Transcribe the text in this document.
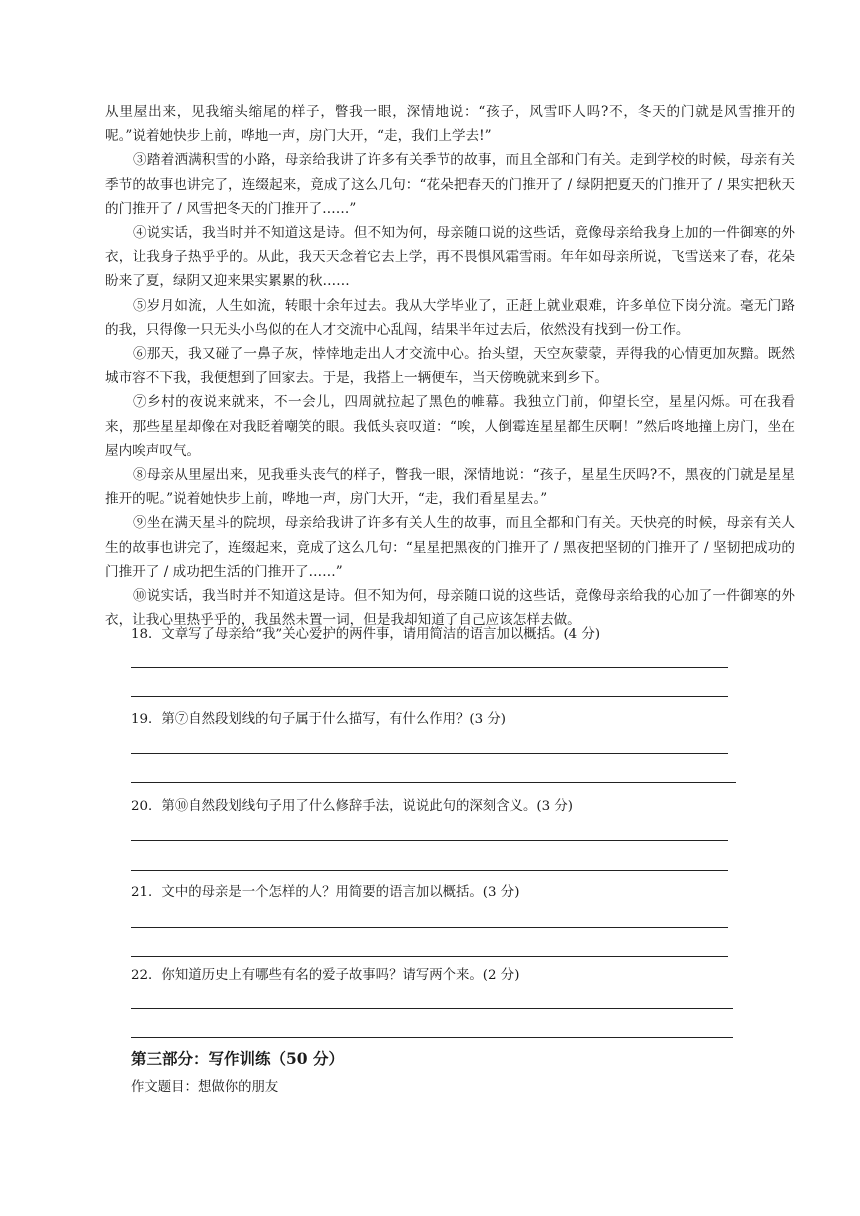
从里屋出来，见我缩头缩尾的样子，瞥我一眼，深情地说：“孩子，风雪吓人吗?不，冬天的门就是风雪推开的呢。”说着她快步上前，哗地一声，房门大开，“走，我们上学去!”

③踏着洒满积雪的小路，母亲给我讲了许多有关季节的故事，而且全部和门有关。走到学校的时候，母亲有关季节的故事也讲完了，连缀起来，竟成了这么几句：“花朵把春天的门推开了 / 绿阴把夏天的门推开了 / 果实把秋天的门推开了 / 风雪把冬天的门推开了……”

④说实话，我当时并不知道这是诗。但不知为何，母亲随口说的这些话，竟像母亲给我身上加的一件御寒的外衣，让我身子热乎乎的。从此，我天天念着它去上学，再不畏惧风霜雪雨。年年如母亲所说，飞雪送来了春，花朵盼来了夏，绿阴又迎来果实累累的秋……

⑤岁月如流，人生如流，转眼十余年过去。我从大学毕业了，正赶上就业艰难，许多单位下岗分流。毫无门路的我，只得像一只无头小鸟似的在人才交流中心乱闯，结果半年过去后，依然没有找到一份工作。

⑥那天，我又碰了一鼻子灰，悻悻地走出人才交流中心。抬头望，天空灰蒙蒙，弄得我的心情更加灰黯。既然城市容不下我，我便想到了回家去。于是，我搭上一辆便车，当天傍晚就来到乡下。

⑦乡村的夜说来就来，不一会儿，四周就拉起了黑色的帷幕。我独立门前，仰望长空，星星闪烁。可在我看来，那些星星却像在对我眨着嘲笑的眼。我低头哀叹道：“唉，人倒霉连星星都生厌啊！”然后咚地撞上房门，坐在屋内唉声叹气。

⑧母亲从里屋出来，见我垂头丧气的样子，瞥我一眼，深情地说：“孩子，星星生厌吗?不，黑夜的门就是星星推开的呢。”说着她快步上前，哗地一声，房门大开，“走，我们看星星去。”

⑨坐在满天星斗的院坝，母亲给我讲了许多有关人生的故事，而且全都和门有关。天快亮的时候，母亲有关人生的故事也讲完了，连缀起来，竟成了这么几句：“星星把黑夜的门推开了 / 黑夜把坚韧的门推开了 / 坚韧把成功的门推开了 / 成功把生活的门推开了……”

⑩说实话，我当时并不知道这是诗。但不知为何，母亲随口说的这些话，竟像母亲给我的心加了一件御寒的外衣，让我心里热乎乎的，我虽然未置一词，但是我却知道了自己应该怎样去做。

18．文章写了母亲给“我”关心爱护的两件事，请用简洁的语言加以概括。(4 分)

19．第⑦自然段划线的句子属于什么描写，有什么作用？(3 分)

20．第⑩自然段划线句子用了什么修辞手法，说说此句的深刻含义。(3 分)

21．文中的母亲是一个怎样的人？用简要的语言加以概括。(3 分)

22．你知道历史上有哪些有名的爱子故事吗？请写两个来。(2 分)

第三部分：写作训练（50 分）

作文题目：想做你的朋友
